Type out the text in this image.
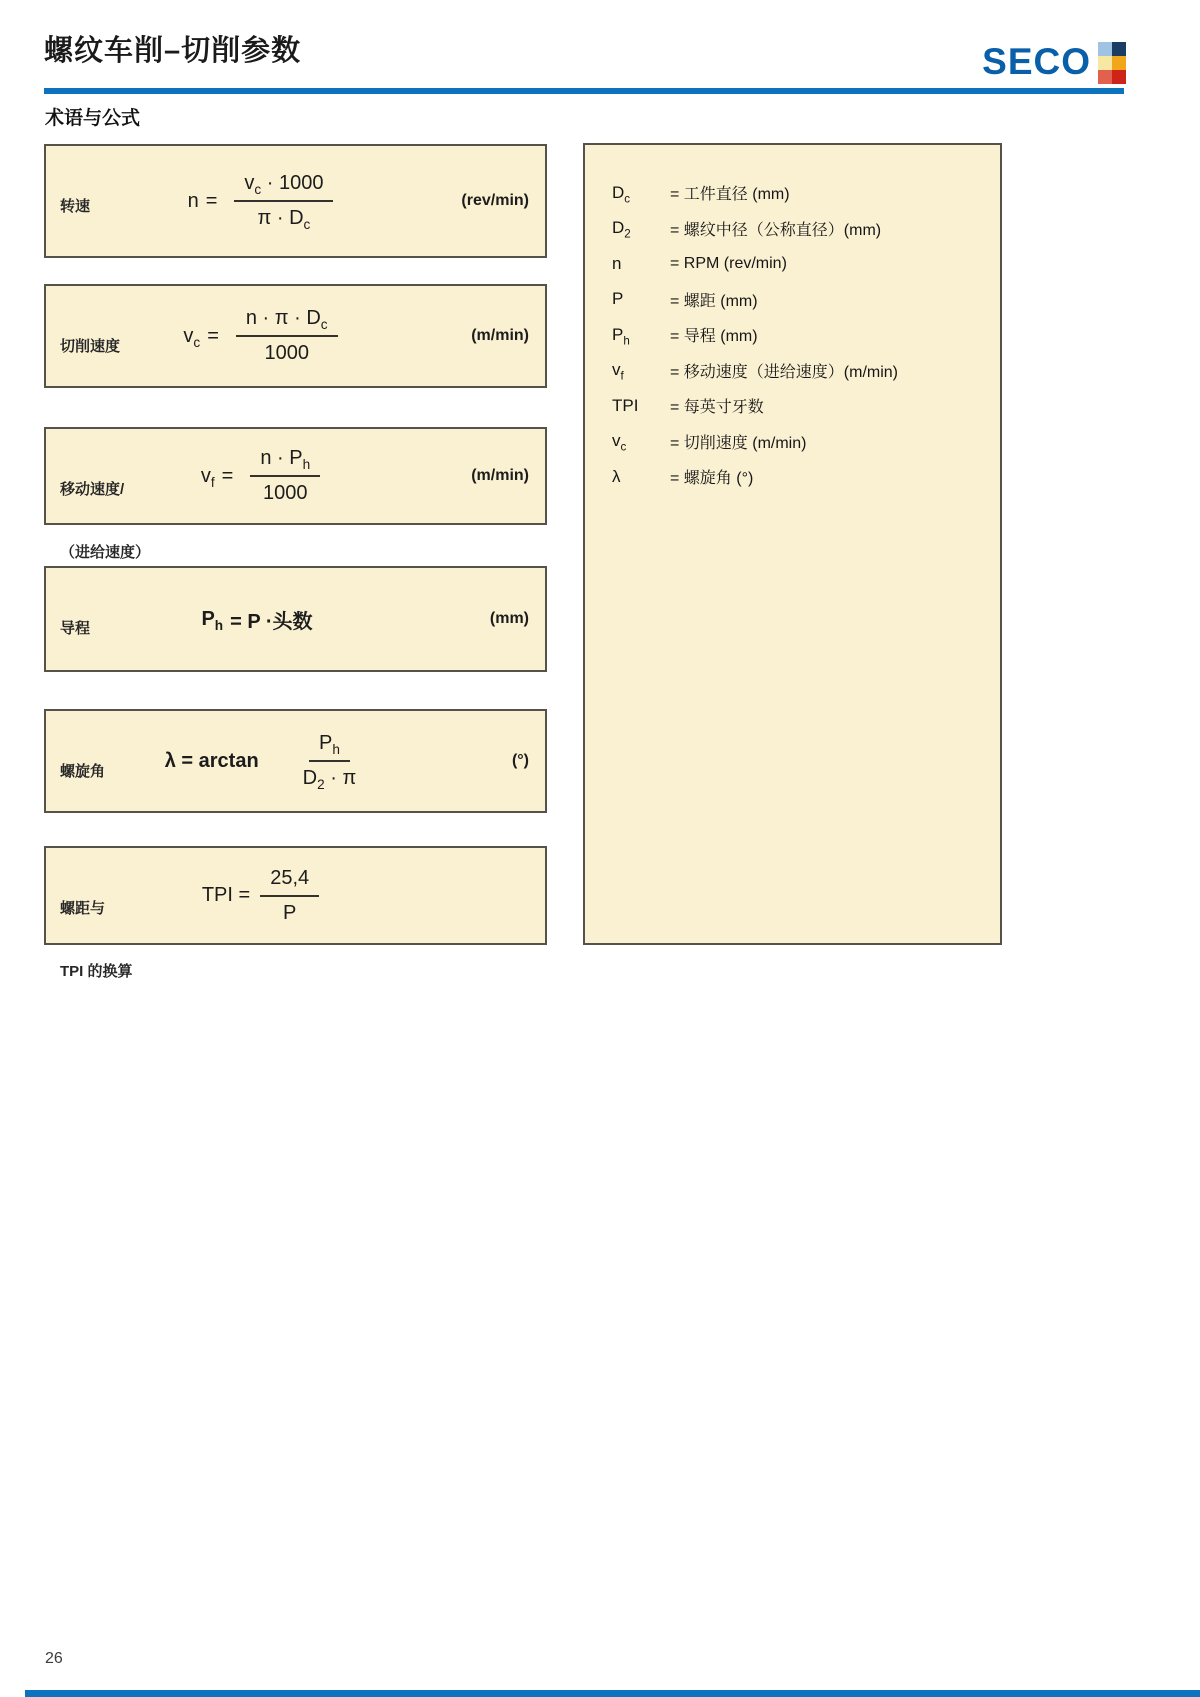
螺纹车削–切削参数	SECO
术语与公式

转速

	$n = \frac{v_c \cdot 1000}{\pi \cdot D_c}$	(rev/min)

切削速度

	$v_c = \frac{n \cdot \pi \cdot D_c}{1000}$	(m/min)

移动速度/

（进给速度）

$v_f = \frac{n \cdot P_h}{1000}$	(m/min)

导程

	$P_h = P$ ·头数	(mm)

螺旋角

	$\lambda = \arctan \frac{P_h}{D_2 \cdot \pi}$	(°)

螺距与

TPI 的换算

TPI = $\frac{25,4}{P}$
$D_c$	= 工件直径 (mm)
$D_2$	= 螺纹中径（公称直径）(mm)
n	= RPM (rev/min)
P	= 螺距 (mm)
$P_h$	= 导程 (mm)
$v_f$	= 移动速度（进给速度）(m/min)
TPI	= 每英寸牙数
$v_c$	= 切削速度 (m/min)
λ	= 螺旋角 (°)
26
